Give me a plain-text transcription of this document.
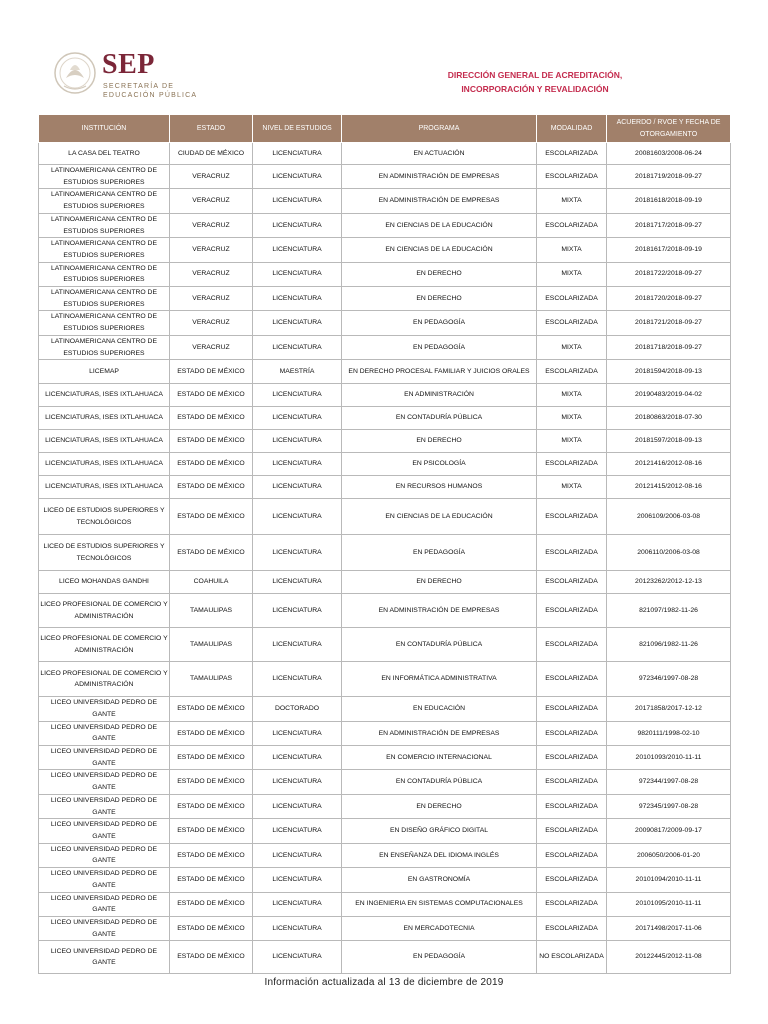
SEP
SECRETARÍA DE
EDUCACIÓN PÚBLICA
DIRECCIÓN GENERAL DE ACREDITACIÓN,
INCORPORACIÓN Y REVALIDACIÓN
INSTITUCIÓN	ESTADO	NIVEL DE ESTUDIOS	PROGRAMA	MODALIDAD	ACUERDO / RVOE Y FECHA DE OTORGAMIENTO
LA CASA DEL TEATRO	CIUDAD DE MÉXICO	LICENCIATURA	EN ACTUACIÓN	ESCOLARIZADA	20081603/2008-06-24
LATINOAMERICANA CENTRO DE ESTUDIOS SUPERIORES	VERACRUZ	LICENCIATURA	EN ADMINISTRACIÓN DE EMPRESAS	ESCOLARIZADA	20181719/2018-09-27
LATINOAMERICANA CENTRO DE ESTUDIOS SUPERIORES	VERACRUZ	LICENCIATURA	EN ADMINISTRACIÓN DE EMPRESAS	MIXTA	20181618/2018-09-19
LATINOAMERICANA CENTRO DE ESTUDIOS SUPERIORES	VERACRUZ	LICENCIATURA	EN CIENCIAS DE LA EDUCACIÓN	ESCOLARIZADA	20181717/2018-09-27
LATINOAMERICANA CENTRO DE ESTUDIOS SUPERIORES	VERACRUZ	LICENCIATURA	EN CIENCIAS DE LA EDUCACIÓN	MIXTA	20181617/2018-09-19
LATINOAMERICANA CENTRO DE ESTUDIOS SUPERIORES	VERACRUZ	LICENCIATURA	EN DERECHO	MIXTA	20181722/2018-09-27
LATINOAMERICANA CENTRO DE ESTUDIOS SUPERIORES	VERACRUZ	LICENCIATURA	EN DERECHO	ESCOLARIZADA	20181720/2018-09-27
LATINOAMERICANA CENTRO DE ESTUDIOS SUPERIORES	VERACRUZ	LICENCIATURA	EN PEDAGOGÍA	ESCOLARIZADA	20181721/2018-09-27
LATINOAMERICANA CENTRO DE ESTUDIOS SUPERIORES	VERACRUZ	LICENCIATURA	EN PEDAGOGÍA	MIXTA	20181718/2018-09-27
LICEMAP	ESTADO DE MÉXICO	MAESTRÍA	EN DERECHO PROCESAL FAMILIAR Y JUICIOS ORALES	ESCOLARIZADA	20181594/2018-09-13
LICENCIATURAS, ISES IXTLAHUACA	ESTADO DE MÉXICO	LICENCIATURA	EN ADMINISTRACIÓN	MIXTA	20190483/2019-04-02
LICENCIATURAS, ISES IXTLAHUACA	ESTADO DE MÉXICO	LICENCIATURA	EN CONTADURÍA PÚBLICA	MIXTA	20180863/2018-07-30
LICENCIATURAS, ISES IXTLAHUACA	ESTADO DE MÉXICO	LICENCIATURA	EN DERECHO	MIXTA	20181597/2018-09-13
LICENCIATURAS, ISES IXTLAHUACA	ESTADO DE MÉXICO	LICENCIATURA	EN PSICOLOGÍA	ESCOLARIZADA	20121416/2012-08-16
LICENCIATURAS, ISES IXTLAHUACA	ESTADO DE MÉXICO	LICENCIATURA	EN RECURSOS HUMANOS	MIXTA	20121415/2012-08-16
LICEO DE ESTUDIOS SUPERIORES Y TECNOLÓGICOS	ESTADO DE MÉXICO	LICENCIATURA	EN CIENCIAS DE LA EDUCACIÓN	ESCOLARIZADA	2006109/2006-03-08
LICEO DE ESTUDIOS SUPERIORES Y TECNOLÓGICOS	ESTADO DE MÉXICO	LICENCIATURA	EN PEDAGOGÍA	ESCOLARIZADA	2006110/2006-03-08
LICEO MOHANDAS GANDHI	COAHUILA	LICENCIATURA	EN DERECHO	ESCOLARIZADA	20123262/2012-12-13
LICEO PROFESIONAL DE COMERCIO Y ADMINISTRACIÓN	TAMAULIPAS	LICENCIATURA	EN ADMINISTRACIÓN DE EMPRESAS	ESCOLARIZADA	821097/1982-11-26
LICEO PROFESIONAL DE COMERCIO Y ADMINISTRACIÓN	TAMAULIPAS	LICENCIATURA	EN CONTADURÍA PÚBLICA	ESCOLARIZADA	821096/1982-11-26
LICEO PROFESIONAL DE COMERCIO Y ADMINISTRACIÓN	TAMAULIPAS	LICENCIATURA	EN INFORMÁTICA ADMINISTRATIVA	ESCOLARIZADA	972346/1997-08-28
LICEO UNIVERSIDAD PEDRO DE GANTE	ESTADO DE MÉXICO	DOCTORADO	EN EDUCACIÓN	ESCOLARIZADA	20171858/2017-12-12
LICEO UNIVERSIDAD PEDRO DE GANTE	ESTADO DE MÉXICO	LICENCIATURA	EN ADMINISTRACIÓN DE EMPRESAS	ESCOLARIZADA	9820111/1998-02-10
LICEO UNIVERSIDAD PEDRO DE GANTE	ESTADO DE MÉXICO	LICENCIATURA	EN COMERCIO INTERNACIONAL	ESCOLARIZADA	20101093/2010-11-11
LICEO UNIVERSIDAD PEDRO DE GANTE	ESTADO DE MÉXICO	LICENCIATURA	EN CONTADURÍA PÚBLICA	ESCOLARIZADA	972344/1997-08-28
LICEO UNIVERSIDAD PEDRO DE GANTE	ESTADO DE MÉXICO	LICENCIATURA	EN DERECHO	ESCOLARIZADA	972345/1997-08-28
LICEO UNIVERSIDAD PEDRO DE GANTE	ESTADO DE MÉXICO	LICENCIATURA	EN DISEÑO GRÁFICO DIGITAL	ESCOLARIZADA	20090817/2009-09-17
LICEO UNIVERSIDAD PEDRO DE GANTE	ESTADO DE MÉXICO	LICENCIATURA	EN ENSEÑANZA DEL IDIOMA INGLÉS	ESCOLARIZADA	2006050/2006-01-20
LICEO UNIVERSIDAD PEDRO DE GANTE	ESTADO DE MÉXICO	LICENCIATURA	EN GASTRONOMÍA	ESCOLARIZADA	20101094/2010-11-11
LICEO UNIVERSIDAD PEDRO DE GANTE	ESTADO DE MÉXICO	LICENCIATURA	EN INGENIERIA EN SISTEMAS COMPUTACIONALES	ESCOLARIZADA	20101095/2010-11-11
LICEO UNIVERSIDAD PEDRO DE GANTE	ESTADO DE MÉXICO	LICENCIATURA	EN MERCADOTECNIA	ESCOLARIZADA	20171498/2017-11-06
LICEO UNIVERSIDAD PEDRO DE GANTE	ESTADO DE MÉXICO	LICENCIATURA	EN PEDAGOGÍA	NO ESCOLARIZADA	20122445/2012-11-08
Información actualizada al 13 de diciembre de 2019
